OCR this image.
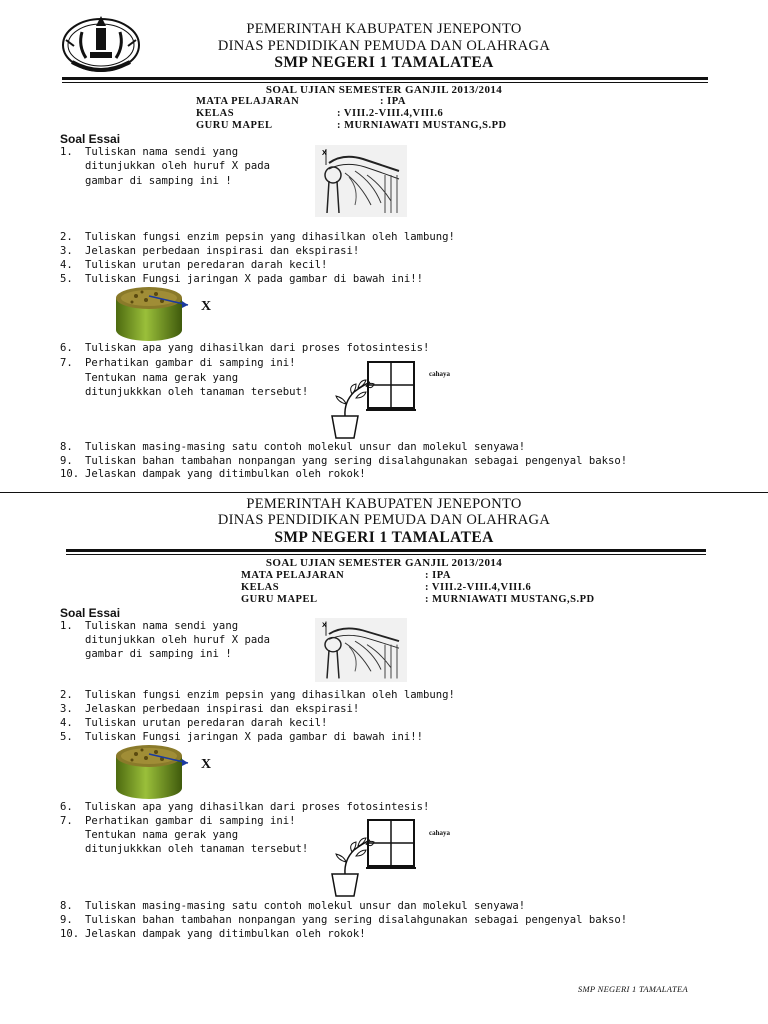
PEMERINTAH KABUPATEN JENEPONTO
DINAS PENDIDIKAN PEMUDA DAN OLAHRAGA
SMP NEGERI 1 TAMALATEA
SOAL UJIAN SEMESTER GANJIL 2013/2014
MATA PELAJARAN	: IPA
KELAS	: VIII.2-VIII.4,VIII.6
GURU MAPEL	: MURNIAWATI MUSTANG,S.PD
Soal Essai
1. Tuliskan nama sendi yang
ditunjukkan oleh huruf X pada
gambar di samping ini !
X
2. Tuliskan fungsi enzim pepsin yang dihasilkan oleh lambung!
3. Jelaskan perbedaan inspirasi dan ekspirasi!
4. Tuliskan urutan peredaran darah kecil!
5. Tuliskan Fungsi jaringan X pada gambar di bawah ini!!
X
6. Tuliskan apa yang dihasilkan dari proses fotosintesis!
7. Perhatikan gambar di samping ini!
Tentukan nama gerak yang
ditunjukkkan oleh tanaman tersebut!
cahaya
8. Tuliskan masing-masing satu contoh molekul unsur dan molekul senyawa!
9. Tuliskan bahan tambahan nonpangan yang sering disalahgunakan sebagai pengenyal bakso!
10. Jelaskan dampak yang ditimbulkan oleh rokok!
PEMERINTAH KABUPATEN JENEPONTO
DINAS PENDIDIKAN PEMUDA DAN OLAHRAGA
SMP NEGERI 1 TAMALATEA
SOAL UJIAN SEMESTER GANJIL 2013/2014
MATA PELAJARAN	: IPA
KELAS	: VIII.2-VIII.4,VIII.6
GURU MAPEL	: MURNIAWATI MUSTANG,S.PD
Soal Essai
1. Tuliskan nama sendi yang
ditunjukkan oleh huruf X pada
gambar di samping ini !
X
2. Tuliskan fungsi enzim pepsin yang dihasilkan oleh lambung!
3. Jelaskan perbedaan inspirasi dan ekspirasi!
4. Tuliskan urutan peredaran darah kecil!
5. Tuliskan Fungsi jaringan X pada gambar di bawah ini!!
X
6. Tuliskan apa yang dihasilkan dari proses fotosintesis!
7. Perhatikan gambar di samping ini!
Tentukan nama gerak yang
ditunjukkkan oleh tanaman tersebut!
cahaya
8. Tuliskan masing-masing satu contoh molekul unsur dan molekul senyawa!
9. Tuliskan bahan tambahan nonpangan yang sering disalahgunakan sebagai pengenyal bakso!
10. Jelaskan dampak yang ditimbulkan oleh rokok!
SMP NEGERI 1 TAMALATEA
